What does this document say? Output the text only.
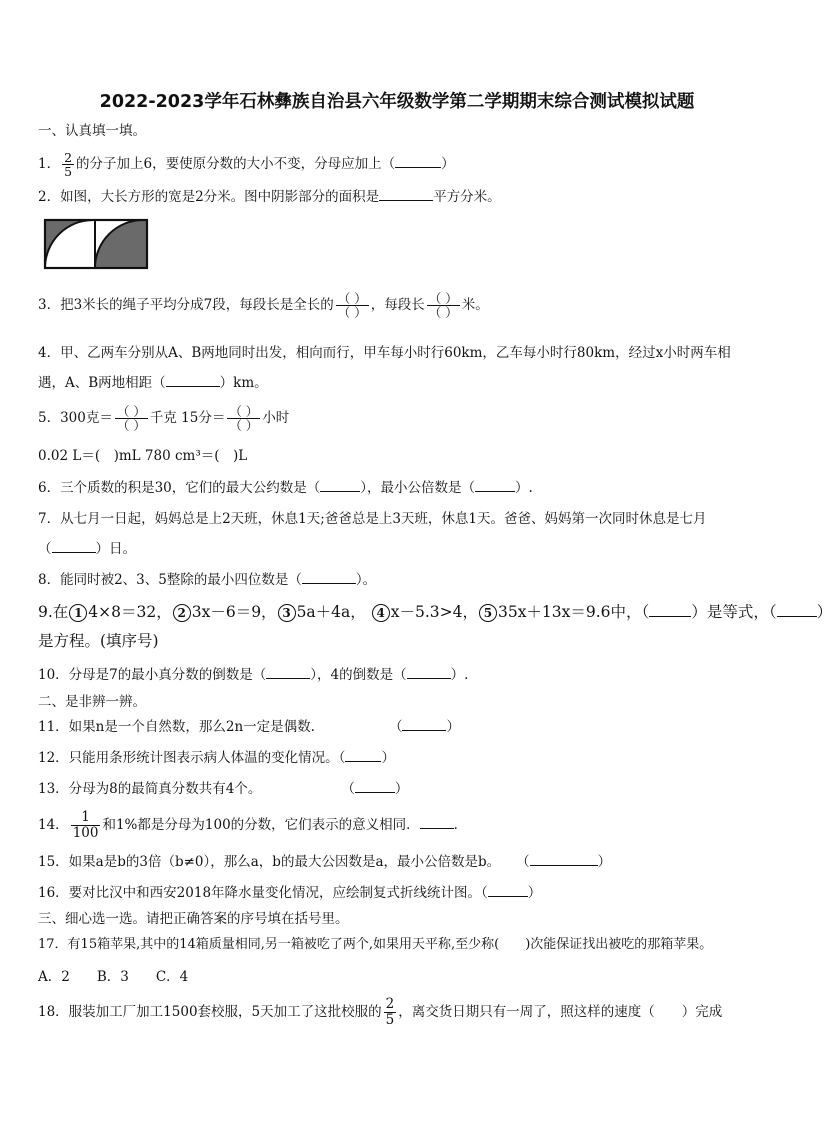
2022-2023学年石林彝族自治县六年级数学第二学期期末综合测试模拟试题
一、认真填一填。
1． $\frac{2}{5}$ 的分子加上6，要使原分数的大小不变，分母应加上（	）
2．如图，大长方形的宽是2分米。图中阴影部分的面积是	平方分米。
3．把3米长的绳子平均分成7段，每段长是全长的 $\frac{( )}{( )}$ ，每段长 $\frac{( )}{( )}$ 米。
4．甲、乙两车分别从A、B两地同时出发，相向而行，甲车每小时行60km，乙车每小时行80km，经过x小时两车相
遇，A、B两地相距（	）km。
5．300克＝ $\frac{( )}{( )}$ 千克 15分＝ $\frac{( )}{( )}$ 小时
0.02 L＝(　)mL 780 cm³＝(　)L
6．三个质数的积是30，它们的最大公约数是（	），最小公倍数是（	）.
7．从七月一日起，妈妈总是上2天班，休息1天;爸爸总是上3天班，休息1天。爸爸、妈妈第一次同时休息是七月
（	）日。
8．能同时被2、3、5整除的最小四位数是（	）。
9.在 1 4×8＝32， 2 3x－6＝9， 3 5a＋4a， 4 x－5.3>4， 5 35x＋13x＝9.6中，（	）是等式，（	）
是方程。(填序号)
10．分母是7的最小真分数的倒数是（	），4的倒数是（	）.
二、是非辨一辨。
11．如果n是一个自然数，那么2n一定是偶数.	（	）
12．只能用条形统计图表示病人体温的变化情况。（	）
13．分母为8的最简真分数共有4个。	（	）
14． $\frac{1}{100}$ 和1%都是分母为100的分数，它们表示的意义相同．	．
15．如果a是b的3倍（b≠0），那么a，b的最大公因数是a，最小公倍数是b。 （	）
16．要对比汉中和西安2018年降水量变化情况，应绘制复式折线统计图。（	）
三、细心选一选。请把正确答案的序号填在括号里。
17．有15箱苹果,其中的14箱质量相同,另一箱被吃了两个,如果用天平称,至少称(　　)次能保证找出被吃的那箱苹果。
A．2　　B．3　　C．4
18．服装加工厂加工1500套校服，5天加工了这批校服的 $\frac{2}{5}$ ，离交货日期只有一周了，照这样的速度（　　）完成
